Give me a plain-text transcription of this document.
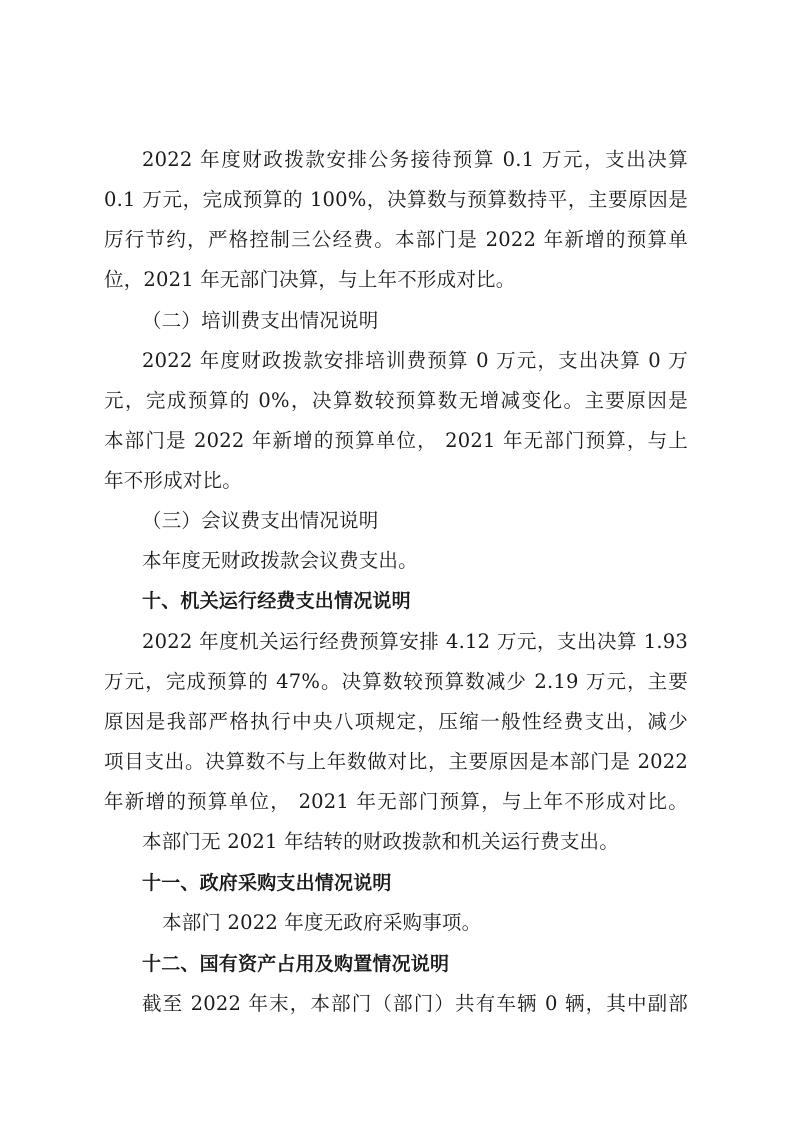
2022 年度财政拨款安排公务接待预算 0.1 万元，支出决算
0.1 万元，完成预算的 100%，决算数与预算数持平，主要原因是
厉行节约，严格控制三公经费。本部门是 2022 年新增的预算单
位，2021 年无部门决算，与上年不形成对比。
（二）培训费支出情况说明
2022 年度财政拨款安排培训费预算 0 万元，支出决算 0 万
元，完成预算的 0%，决算数较预算数无增减变化。主要原因是
本部门是 2022 年新增的预算单位， 2021 年无部门预算，与上
年不形成对比。
（三）会议费支出情况说明
本年度无财政拨款会议费支出。
十、机关运行经费支出情况说明
2022 年度机关运行经费预算安排 4.12 万元，支出决算 1.93
万元，完成预算的 47%。决算数较预算数减少 2.19 万元，主要
原因是我部严格执行中央八项规定，压缩一般性经费支出，减少
项目支出。决算数不与上年数做对比，主要原因是本部门是 2022
年新增的预算单位， 2021 年无部门预算，与上年不形成对比。
本部门无 2021 年结转的财政拨款和机关运行费支出。
十一、政府采购支出情况说明
本部门 2022 年度无政府采购事项。
十二、国有资产占用及购置情况说明
截至 2022 年末，本部门（部门）共有车辆 0 辆，其中副部
